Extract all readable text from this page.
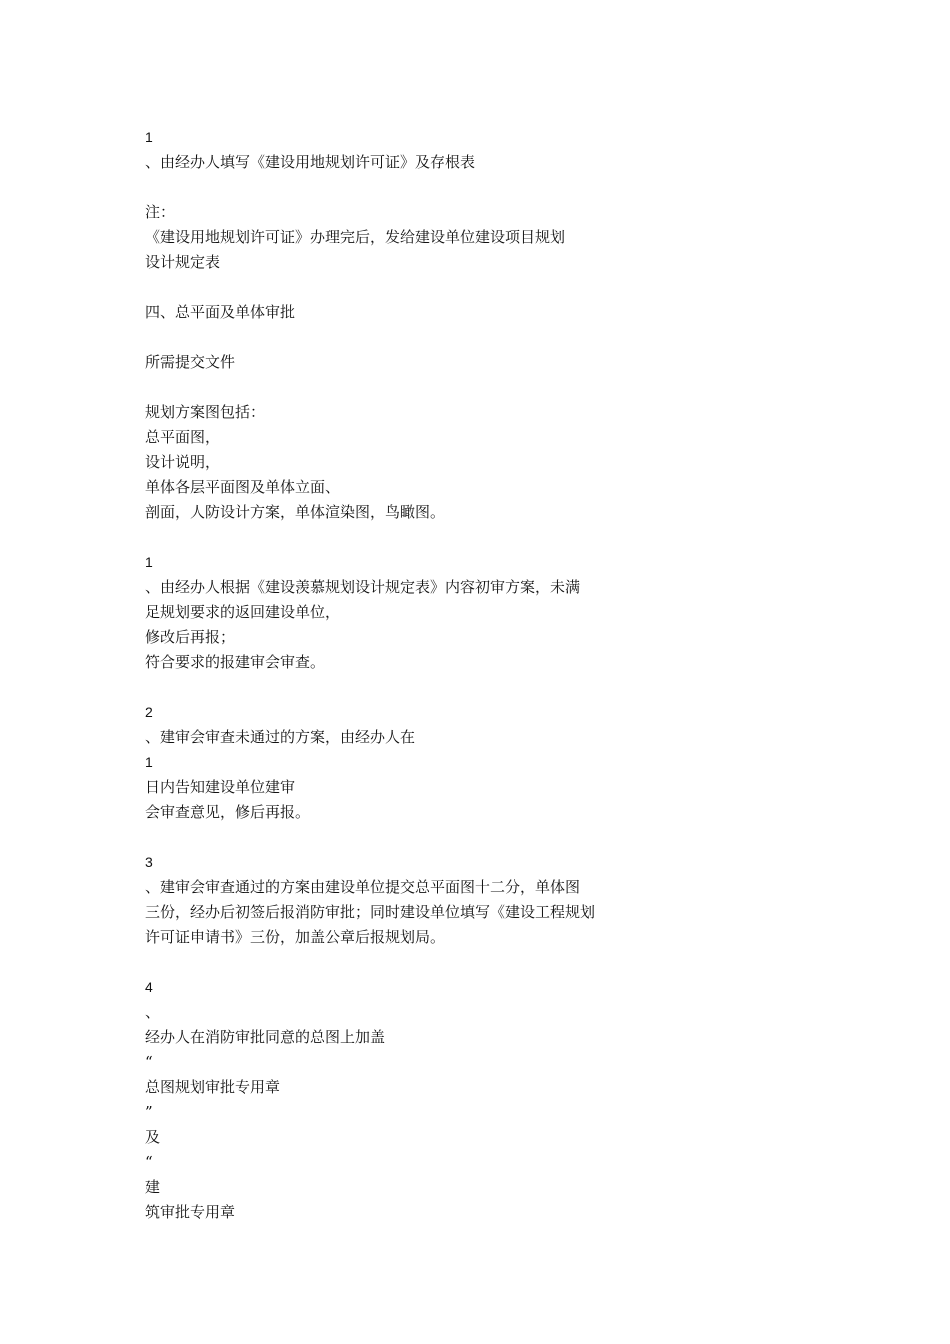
1
、由经办人填写《建设用地规划许可证》及存根表
注：
《建设用地规划许可证》办理完后，发给建设单位建设项目规划
设计规定表
四、总平面及单体审批
所需提交文件
规划方案图包括：
总平面图，
设计说明，
单体各层平面图及单体立面、
剖面，人防设计方案，单体渲染图，鸟瞰图。
1
、由经办人根据《建设羡慕规划设计规定表》内容初审方案，未满
足规划要求的返回建设单位，
修改后再报；
符合要求的报建审会审查。
2
、建审会审查未通过的方案，由经办人在
1
日内告知建设单位建审
会审查意见，修后再报。
3
、建审会审查通过的方案由建设单位提交总平面图十二分，单体图
三份，经办后初签后报消防审批；同时建设单位填写《建设工程规划
许可证申请书》三份，加盖公章后报规划局。
4
、
经办人在消防审批同意的总图上加盖
“
总图规划审批专用章
”
及
“
建
筑审批专用章
